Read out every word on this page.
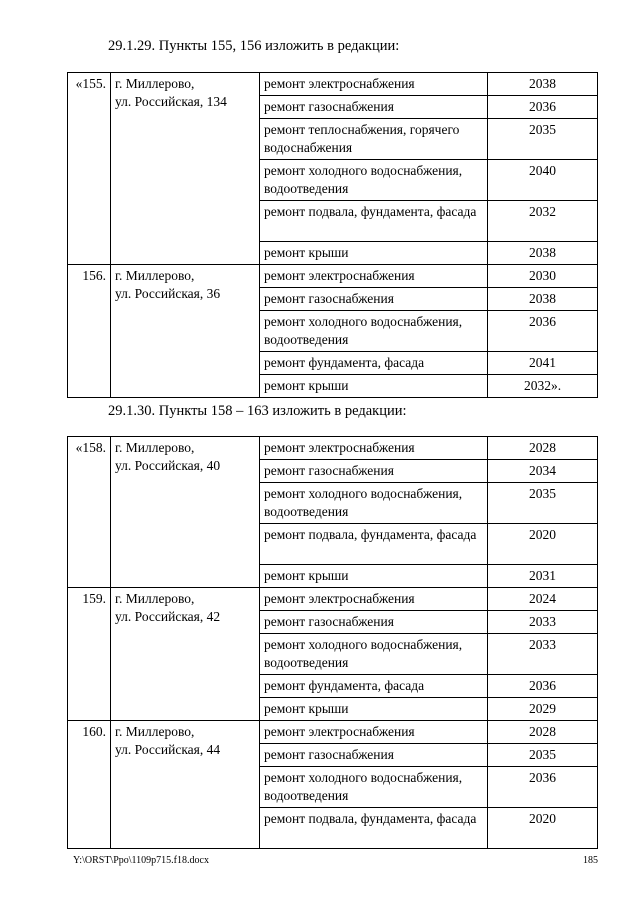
29.1.29. Пункты 155, 156 изложить в редакции:
«155.	г. Миллерово,
ул. Российская, 134	ремонт электроснабжения	2038
		ремонт газоснабжения	2036
		ремонт теплоснабжения, горячего водоснабжения	2035
		ремонт холодного водоснабжения, водоотведения	2040
		ремонт подвала, фундамента, фасада	2032
		ремонт крыши	2038
156.	г. Миллерово,
ул. Российская, 36	ремонт электроснабжения	2030
		ремонт газоснабжения	2038
		ремонт холодного водоснабжения, водоотведения	2036
		ремонт фундамента, фасада	2041
		ремонт крыши	2032».
29.1.30. Пункты 158 – 163 изложить в редакции:
«158.	г. Миллерово,
ул. Российская, 40	ремонт электроснабжения	2028
		ремонт газоснабжения	2034
		ремонт холодного водоснабжения, водоотведения	2035
		ремонт подвала, фундамента, фасада	2020
		ремонт крыши	2031
159.	г. Миллерово,
ул. Российская, 42	ремонт электроснабжения	2024
		ремонт газоснабжения	2033
		ремонт холодного водоснабжения, водоотведения	2033
		ремонт фундамента, фасада	2036
		ремонт крыши	2029
160.	г. Миллерово,
ул. Российская, 44	ремонт электроснабжения	2028
		ремонт газоснабжения	2035
		ремонт холодного водоснабжения, водоотведения	2036
		ремонт подвала, фундамента, фасада	2020
Y:\ORST\Ppo\1109p715.f18.docx	185
